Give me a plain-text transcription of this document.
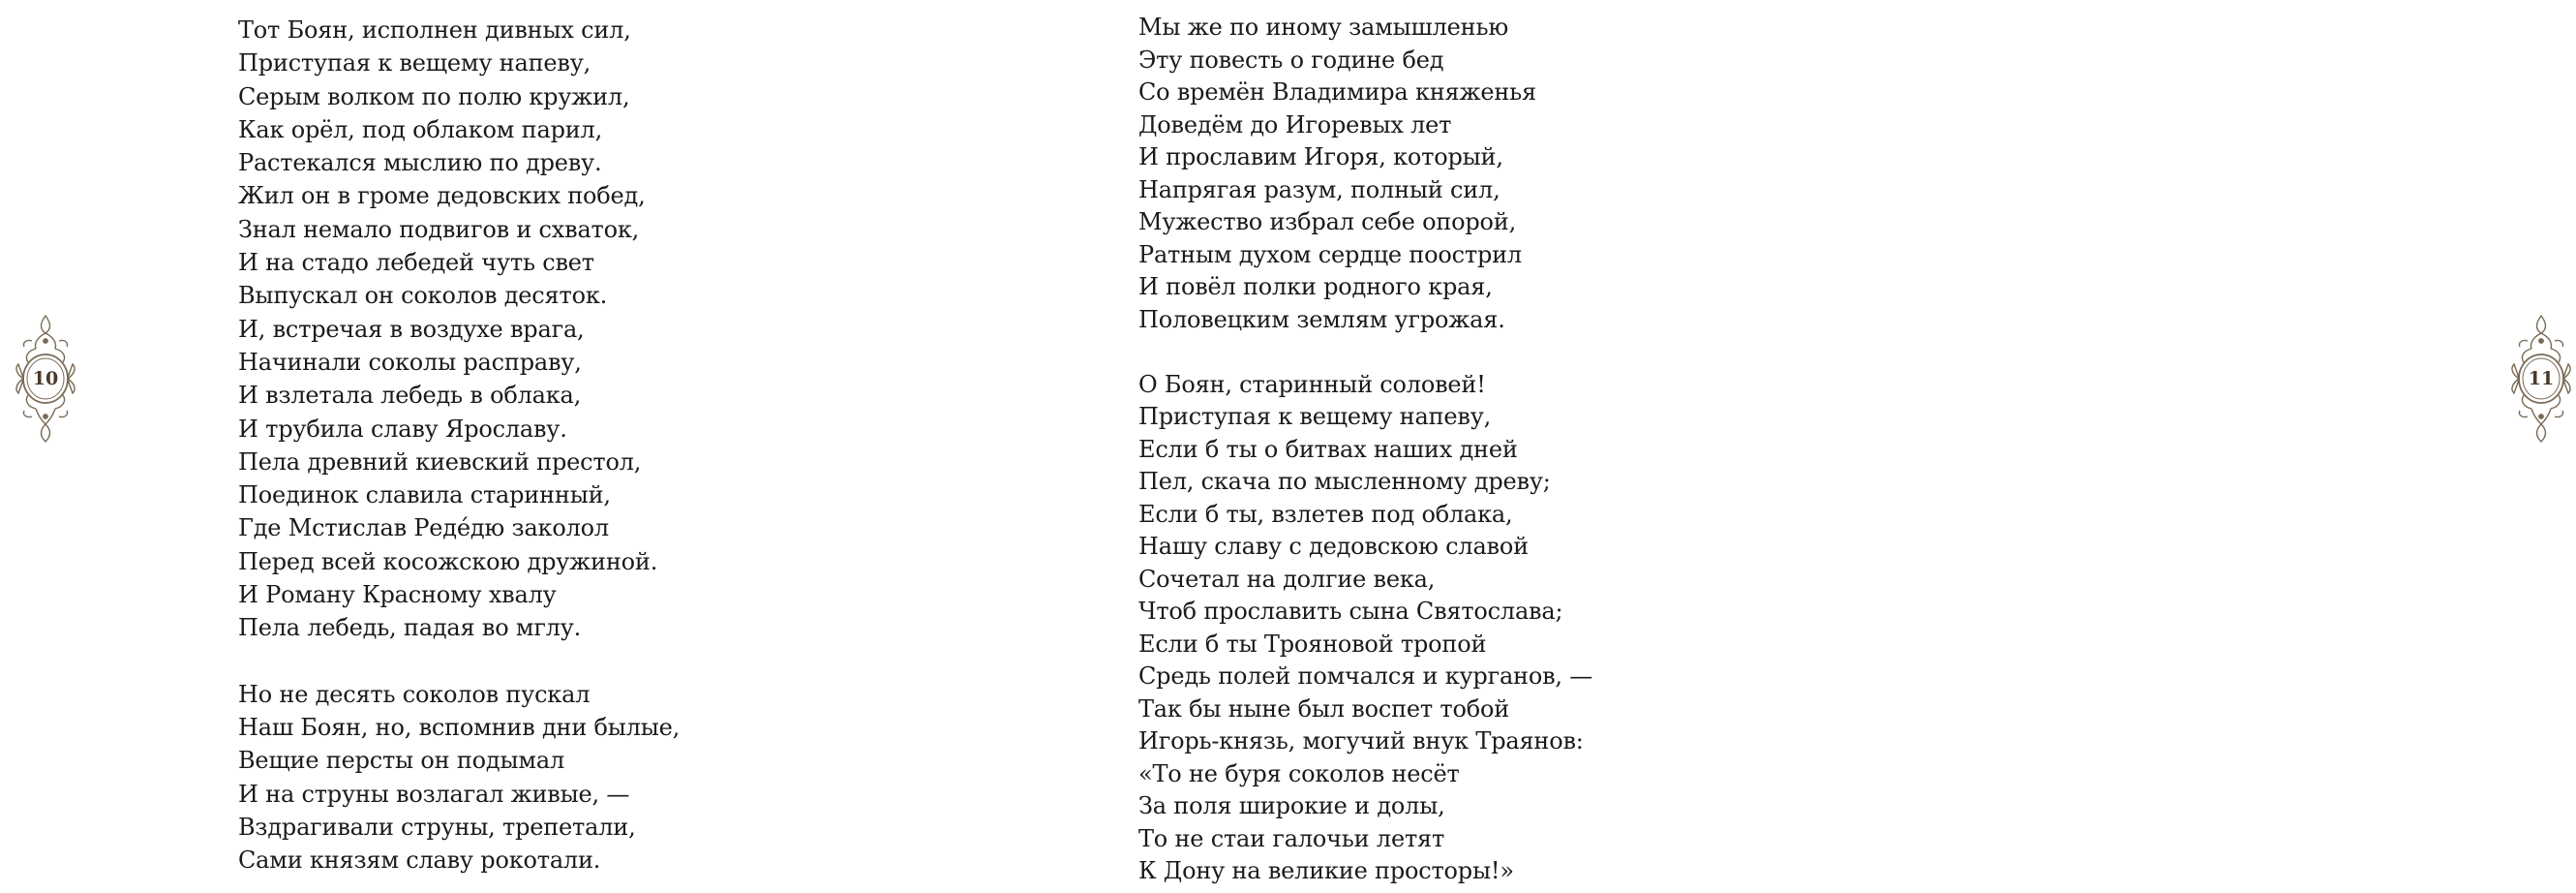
Тот Боян, исполнен дивных сил,
Приступая к вещему напеву,
Серым волком по полю кружил,
Как орёл, под облаком парил,
Растекался мыслию по древу.
Жил он в громе дедовских побед,
Знал немало подвигов и схваток,
И на стадо лебедей чуть свет
Выпускал он соколов десяток.
И, встречая в воздухе врага,
Начинали соколы расправу,
И взлетала лебедь в облака,
И трубила славу Ярославу.
Пела древний киевский престол,
Поединок славила старинный,
Где Мстислав Редéдю заколол
Перед всей косожскою дружиной.
И Роману Красному хвалу
Пела лебедь, падая во мглу.
Но не десять соколов пускал
Наш Боян, но, вспомнив дни былые,
Вещие персты он подымал
И на струны возлагал живые, —
Вздрагивали струны, трепетали,
Сами князям славу рокотали.
10
Мы же по иному замышленью
Эту повесть о године бед
Со времён Владимира княженья
Доведём до Игоревых лет
И прославим Игоря, который,
Напрягая разум, полный сил,
Мужество избрал себе опорой,
Ратным духом сердце поострил
И повёл полки родного края,
Половецким землям угрожая.
О Боян, старинный соловей!
Приступая к вещему напеву,
Если б ты о битвах наших дней
Пел, скача по мысленному древу;
Если б ты, взлетев под облака,
Нашу славу с дедовскою славой
Сочетал на долгие века,
Чтоб прославить сына Святослава;
Если б ты Трояновой тропой
Средь полей помчался и курганов, —
Так бы ныне был воспет тобой
Игорь-князь, могучий внук Траянов:
«То не буря соколов несёт
За поля широкие и долы,
То не стаи галочьи летят
К Дону на великие просторы!»
11
